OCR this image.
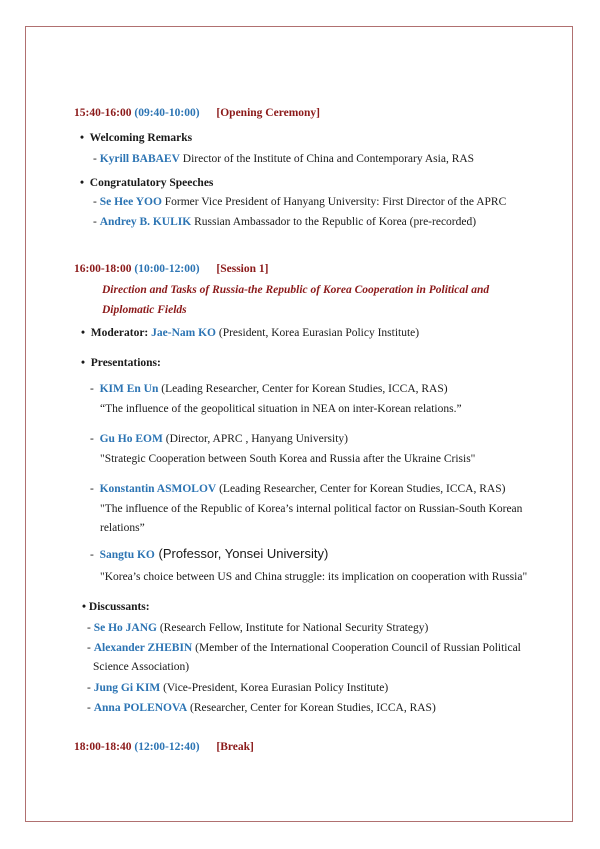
15:40-16:00 (09:40-10:00) [Opening Ceremony]
• Welcoming Remarks
- Kyrill BABAEV Director of the Institute of China and Contemporary Asia, RAS
• Congratulatory Speeches
- Se Hee YOO Former Vice President of Hanyang University: First Director of the APRC
- Andrey B. KULIK Russian Ambassador to the Republic of Korea (pre-recorded)
16:00-18:00 (10:00-12:00) [Session 1]
Direction and Tasks of Russia-the Republic of Korea Cooperation in Political and
Diplomatic Fields
• Moderator: Jae-Nam KO (President, Korea Eurasian Policy Institute)
• Presentations:
- KIM En Un (Leading Researcher, Center for Korean Studies, ICCA, RAS)
“The influence of the geopolitical situation in NEA on inter-Korean relations.”
- Gu Ho EOM (Director, APRC , Hanyang University)
"Strategic Cooperation between South Korea and Russia after the Ukraine Crisis"
- Konstantin ASMOLOV (Leading Researcher, Center for Korean Studies, ICCA, RAS)
"The influence of the Republic of Korea’s internal political factor on Russian-South Korean
relations”
- Sangtu KO (Professor, Yonsei University)
"Korea’s choice between US and China struggle: its implication on cooperation with Russia"
• Discussants:
- Se Ho JANG (Research Fellow, Institute for National Security Strategy)
- Alexander ZHEBIN (Member of the International Cooperation Council of Russian Political
Science Association)
- Jung Gi KIM (Vice-President, Korea Eurasian Policy Institute)
- Anna POLENOVA (Researcher, Center for Korean Studies, ICCA, RAS)
18:00-18:40 (12:00-12:40) [Break]
